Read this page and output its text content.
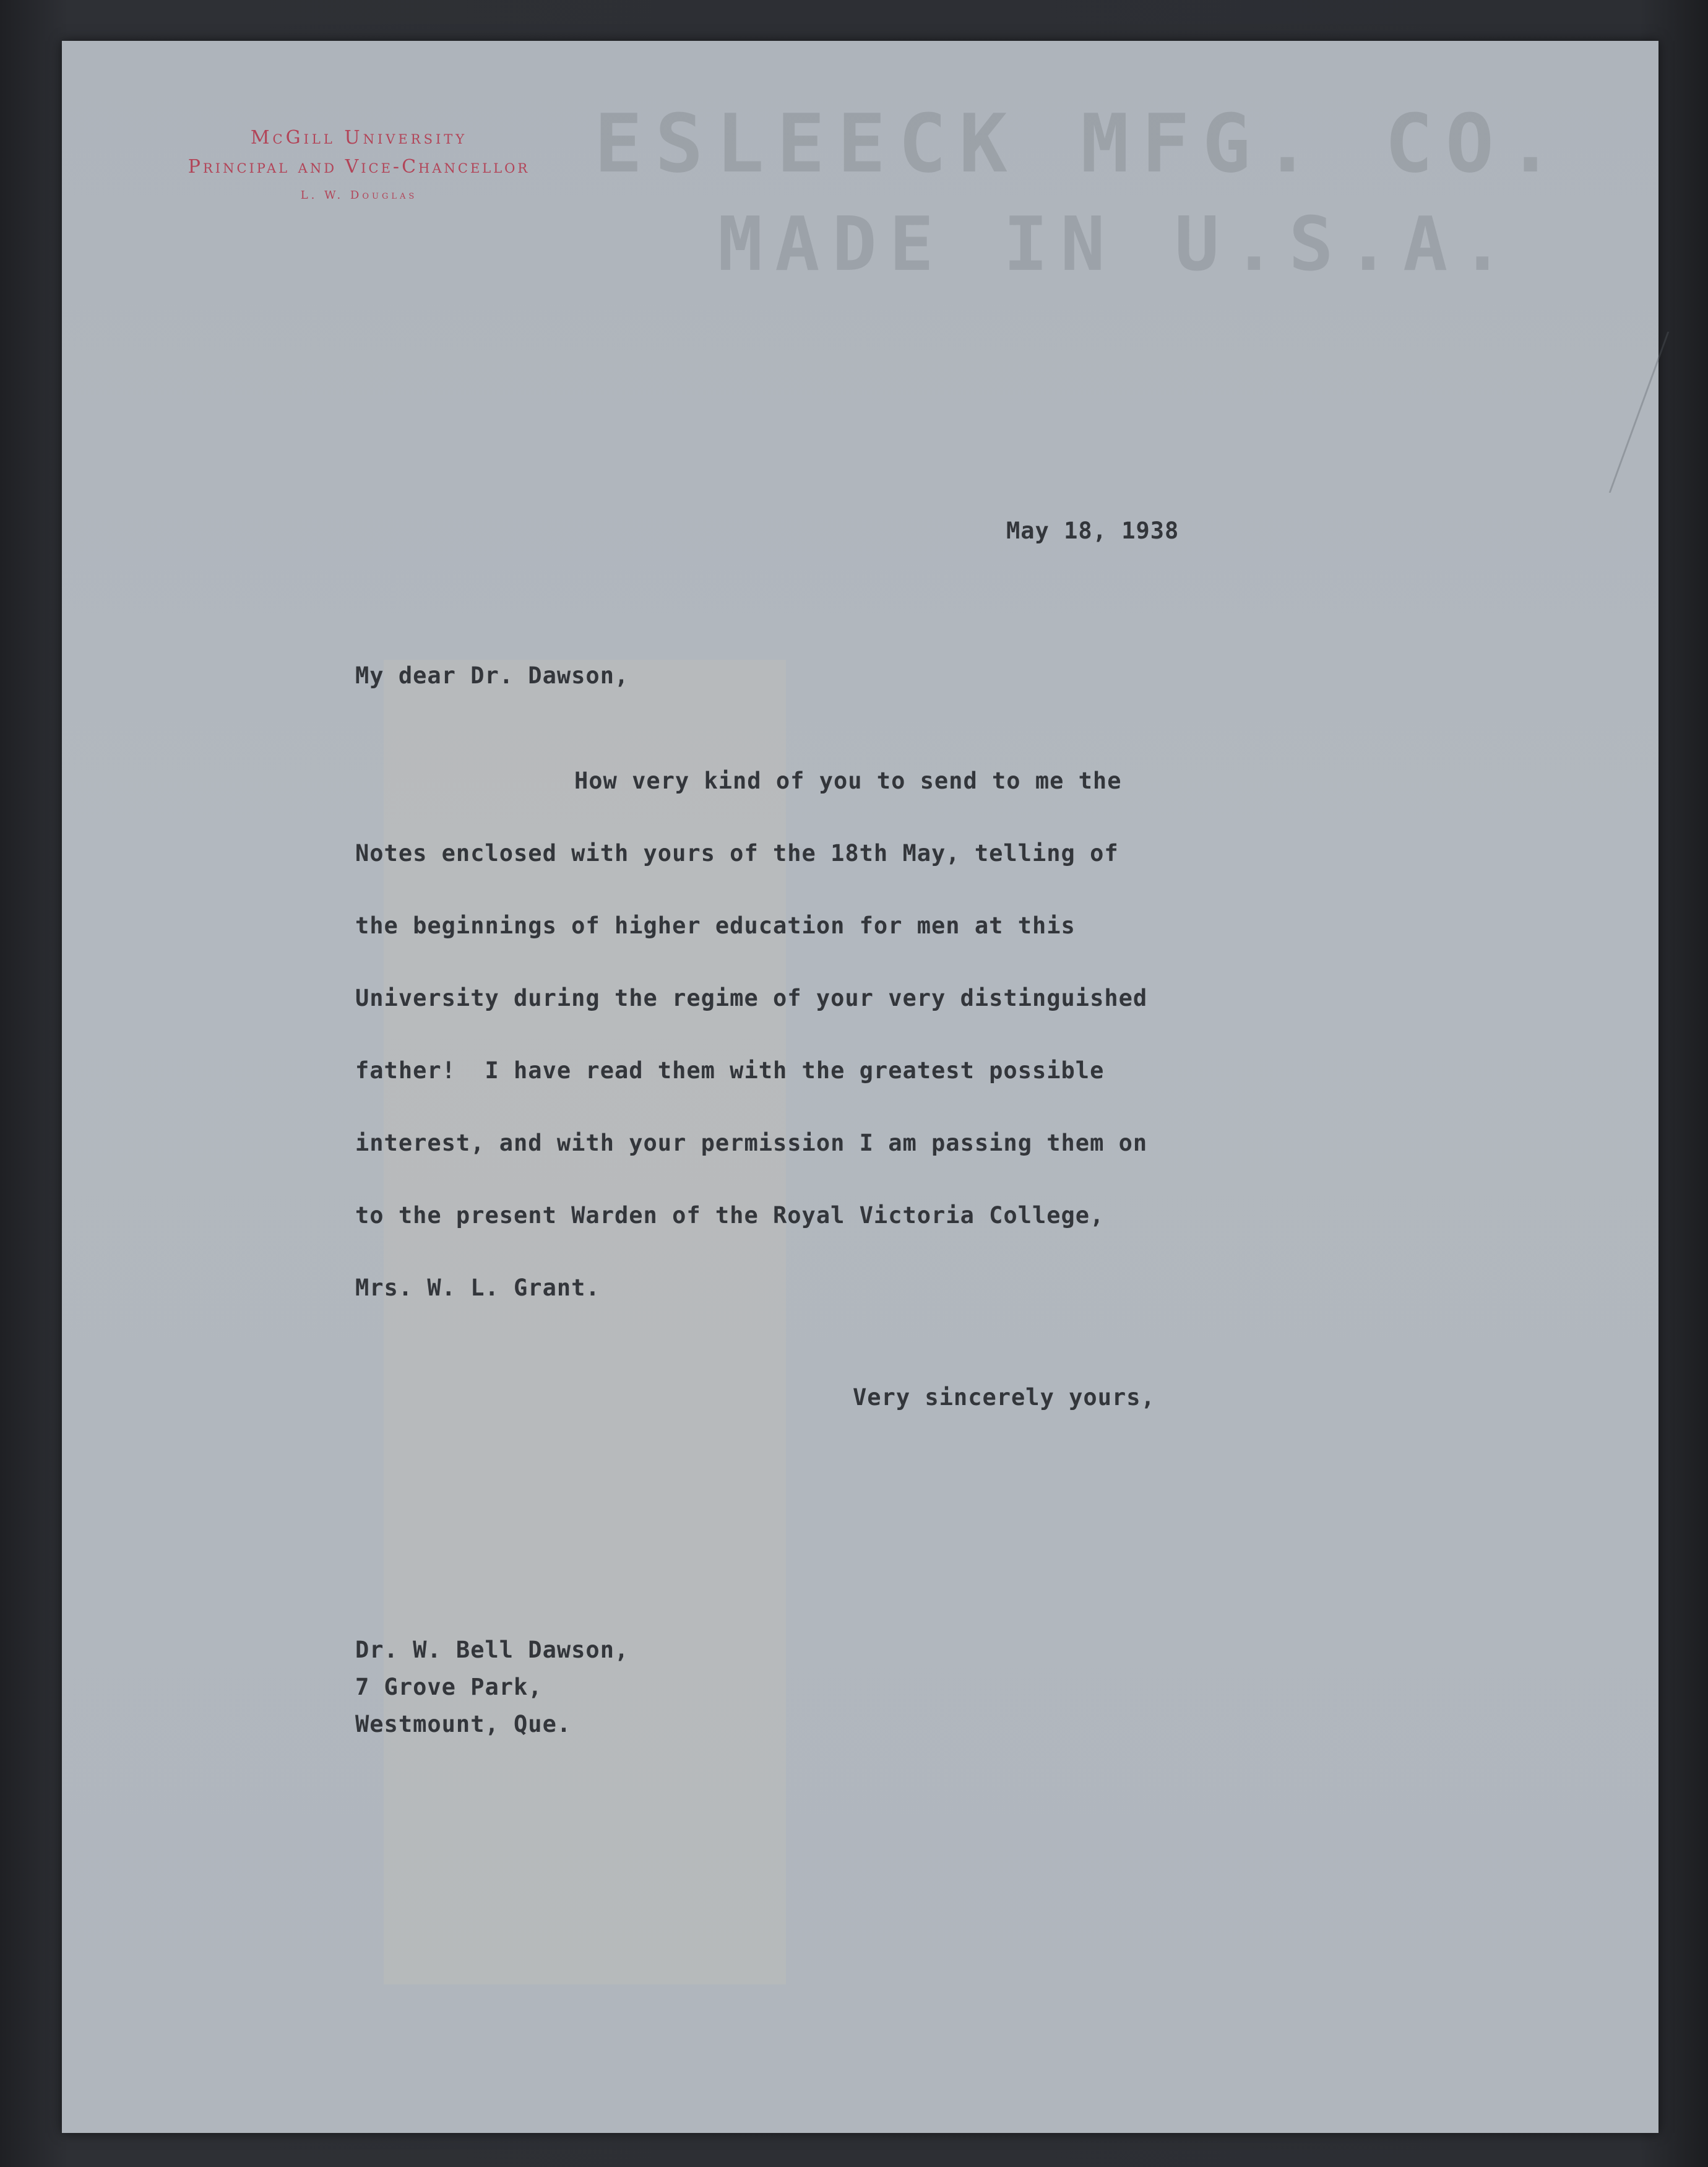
ESLEECK MFG. CO.
MADE IN U.S.A.
McGill University
Principal and Vice-Chancellor
L. W. Douglas
May 18, 1938
My dear Dr. Dawson,
How very kind of you to send to me the
Notes enclosed with yours of the 18th May, telling of
the beginnings of higher education for men at this
University during the regime of your very distinguished
father!  I have read them with the greatest possible
interest, and with your permission I am passing them on
to the present Warden of the Royal Victoria College,
Mrs. W. L. Grant.
Very sincerely yours,
Dr. W. Bell Dawson,
7 Grove Park,
Westmount, Que.
